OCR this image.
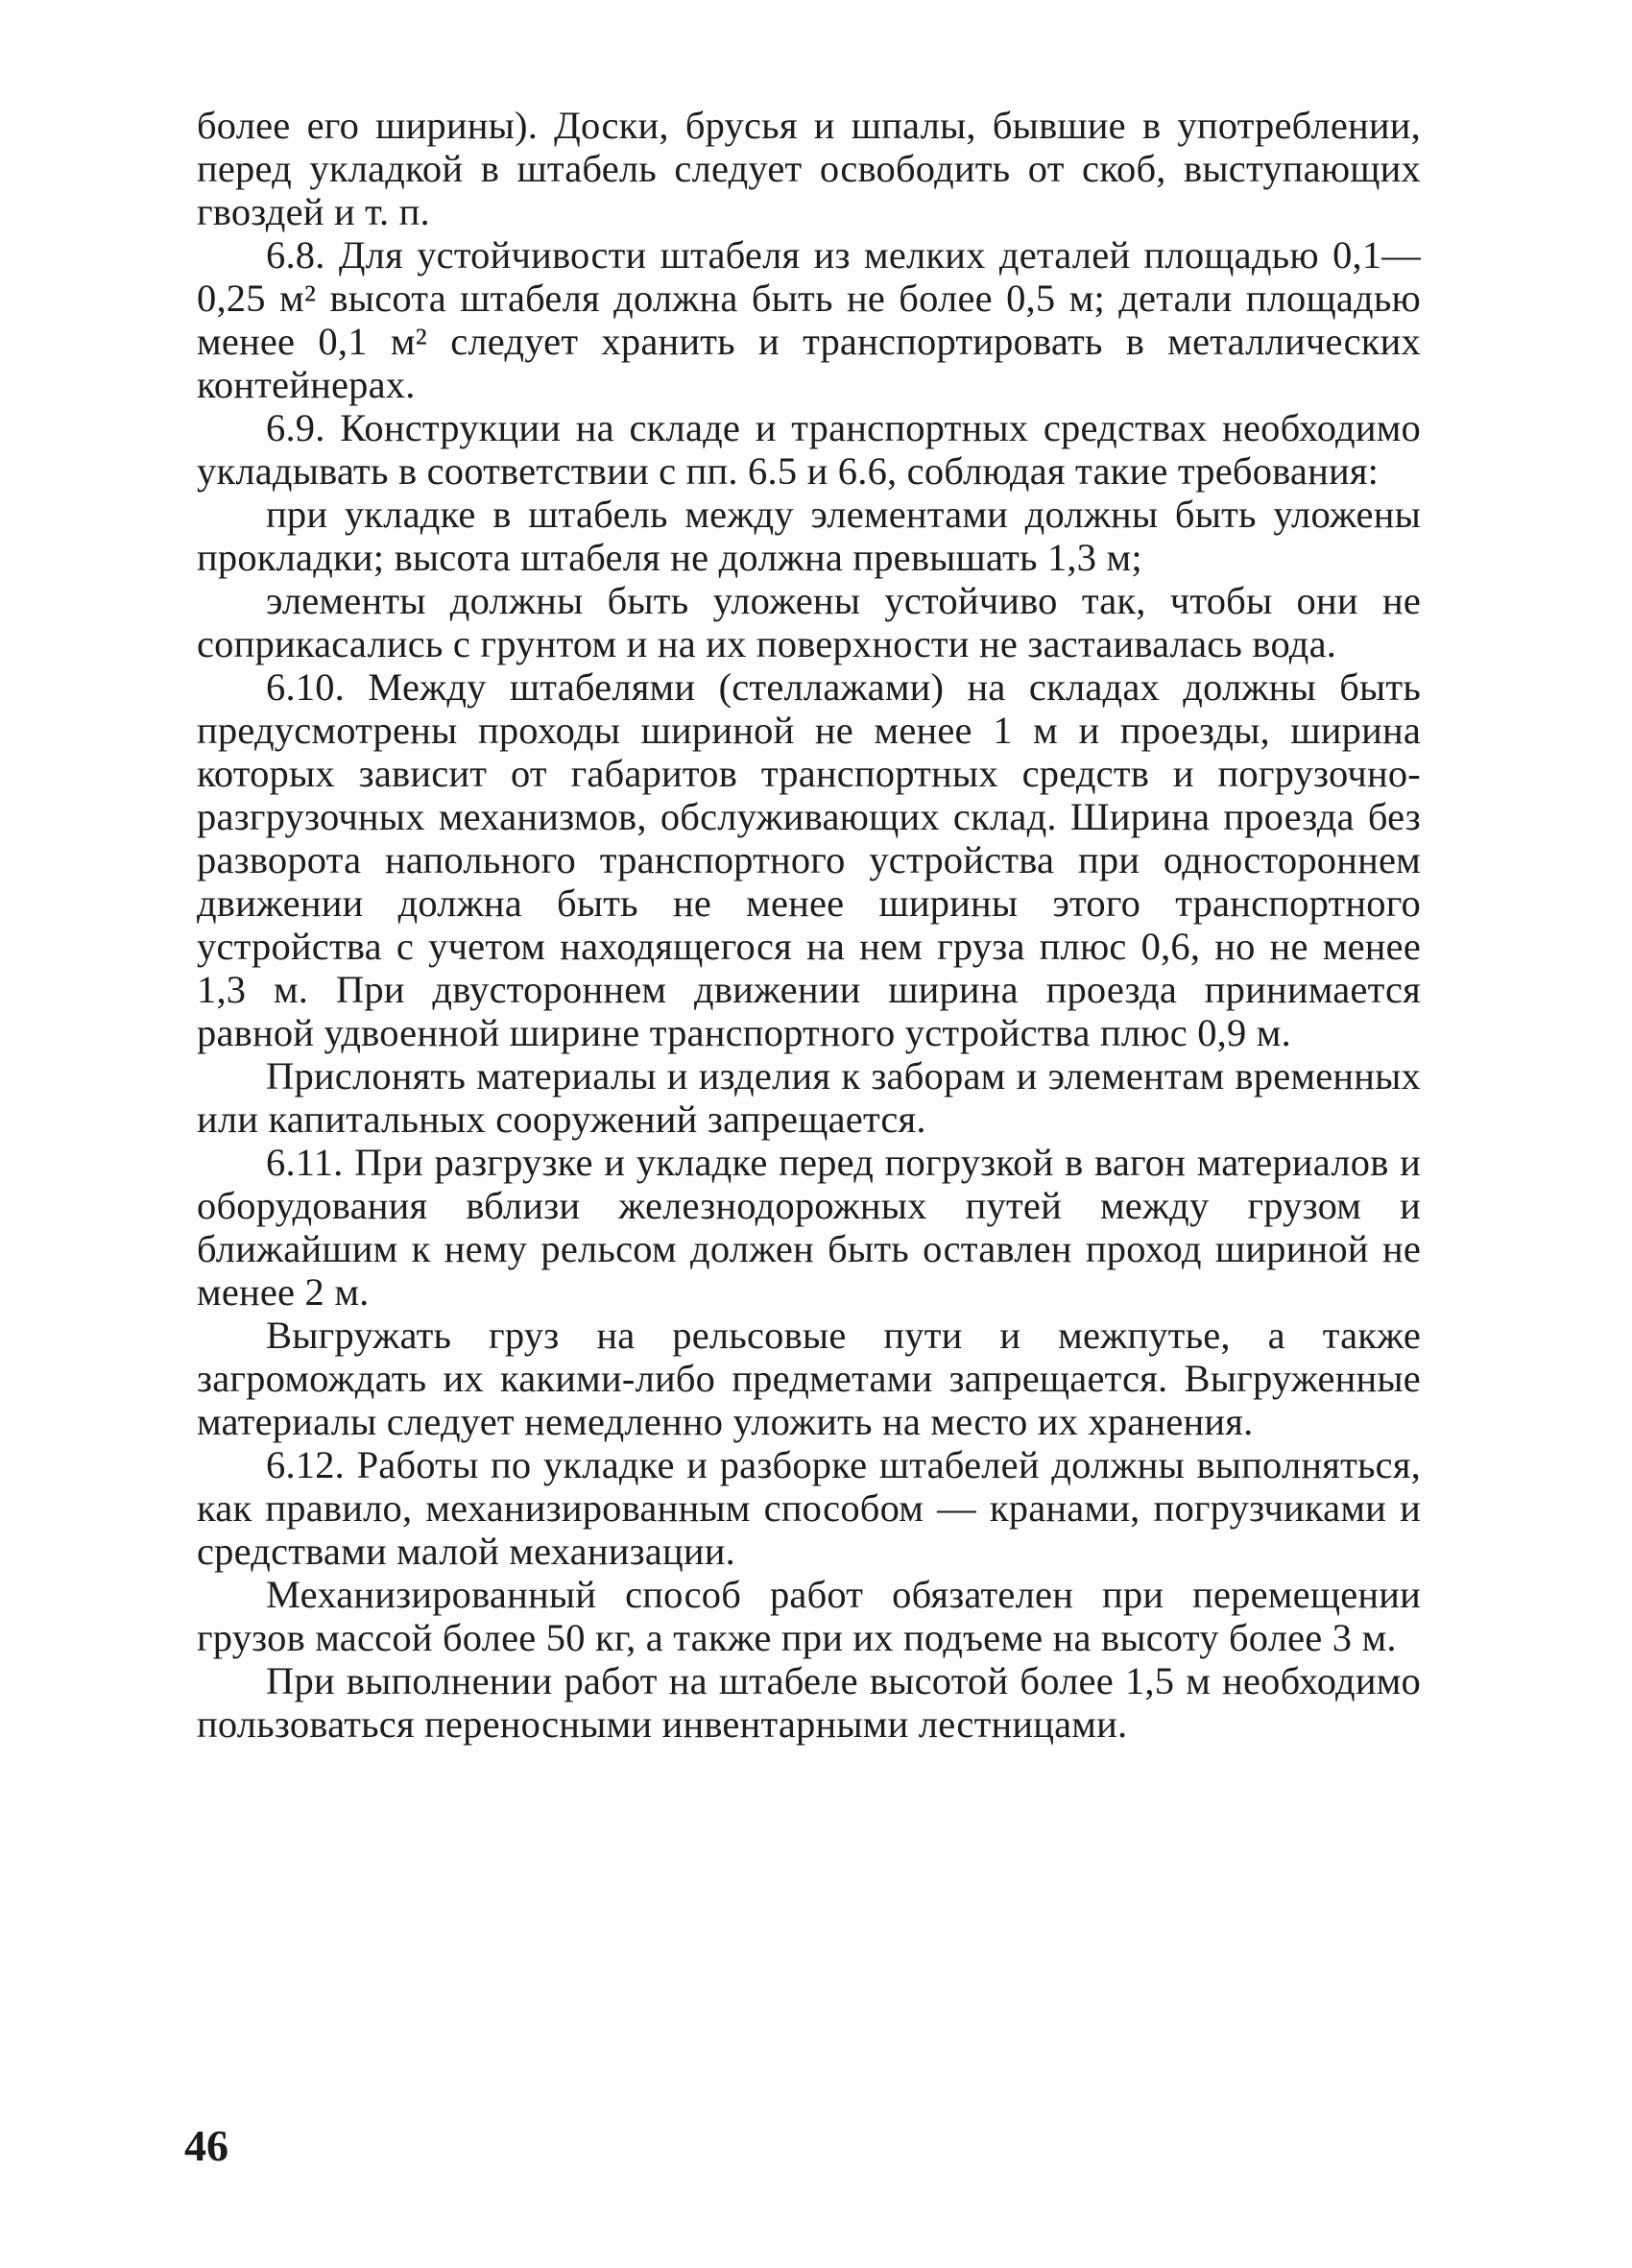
более его ширины). Доски, брусья и шпалы, бывшие в употреблении, перед укладкой в штабель следует освободить от скоб, выступающих гвоздей и т. п.

6.8. Для устойчивости штабеля из мелких деталей площадью 0,1—0,25 м² высота штабеля должна быть не более 0,5 м; детали площадью менее 0,1 м² следует хранить и транспортировать в металлических контейнерах.

6.9. Конструкции на складе и транспортных средствах необходимо укладывать в соответствии с пп. 6.5 и 6.6, соблюдая такие требования:

при укладке в штабель между элементами должны быть уложены прокладки; высота штабеля не должна превышать 1,3 м;

элементы должны быть уложены устойчиво так, чтобы они не соприкасались с грунтом и на их поверхности не застаивалась вода.

6.10. Между штабелями (стеллажами) на складах должны быть предусмотрены проходы шириной не менее 1 м и проезды, ширина которых зависит от габаритов транспортных средств и погрузочно-разгрузочных механизмов, обслуживающих склад. Ширина проезда без разворота напольного транспортного устройства при одностороннем движении должна быть не менее ширины этого транспортного устройства с учетом находящегося на нем груза плюс 0,6, но не менее 1,3 м. При двустороннем движении ширина проезда принимается равной удвоенной ширине транспортного устройства плюс 0,9 м.

Прислонять материалы и изделия к заборам и элементам временных или капитальных сооружений запрещается.

6.11. При разгрузке и укладке перед погрузкой в вагон материалов и оборудования вблизи железнодорожных путей между грузом и ближайшим к нему рельсом должен быть оставлен проход шириной не менее 2 м.

Выгружать груз на рельсовые пути и межпутье, а также загромождать их какими-либо предметами запрещается. Выгруженные материалы следует немедленно уложить на место их хранения.

6.12. Работы по укладке и разборке штабелей должны выполняться, как правило, механизированным способом — кранами, погрузчиками и средствами малой механизации.

Механизированный способ работ обязателен при перемещении грузов массой более 50 кг, а также при их подъеме на высоту более 3 м.

При выполнении работ на штабеле высотой более 1,5 м необходимо пользоваться переносными инвентарными лестницами.

46
